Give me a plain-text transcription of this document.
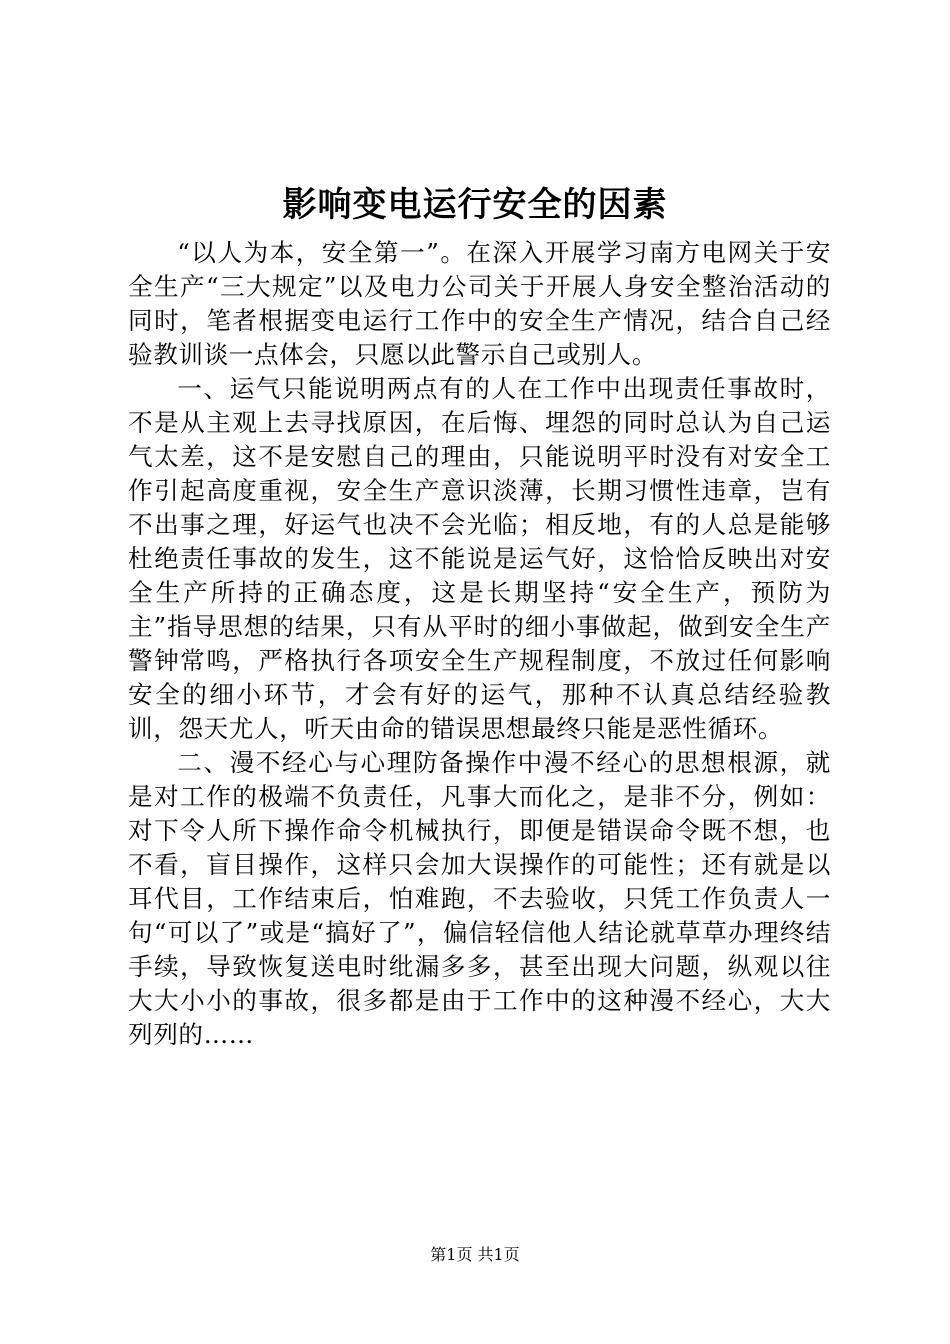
影响变电运行安全的因素

“以人为本，安全第一”。在深入开展学习南方电网关于安全生产“三大规定”以及电力公司关于开展人身安全整治活动的同时，笔者根据变电运行工作中的安全生产情况，结合自己经验教训谈一点体会，只愿以此警示自己或别人。

一、运气只能说明两点有的人在工作中出现责任事故时，不是从主观上去寻找原因，在后悔、埋怨的同时总认为自己运气太差，这不是安慰自己的理由，只能说明平时没有对安全工作引起高度重视，安全生产意识淡薄，长期习惯性违章，岂有不出事之理，好运气也决不会光临；相反地，有的人总是能够杜绝责任事故的发生，这不能说是运气好，这恰恰反映出对安全生产所持的正确态度，这是长期坚持“安全生产，预防为主”指导思想的结果，只有从平时的细小事做起，做到安全生产警钟常鸣，严格执行各项安全生产规程制度，不放过任何影响安全的细小环节，才会有好的运气，那种不认真总结经验教训，怨天尤人，听天由命的错误思想最终只能是恶性循环。

二、漫不经心与心理防备操作中漫不经心的思想根源，就是对工作的极端不负责任，凡事大而化之，是非不分，例如：对下令人所下操作命令机械执行，即便是错误命令既不想，也不看，盲目操作，这样只会加大误操作的可能性；还有就是以耳代目，工作结束后，怕难跑，不去验收，只凭工作负责人一句“可以了”或是“搞好了”，偏信轻信他人结论就草草办理终结手续，导致恢复送电时纰漏多多，甚至出现大问题，纵观以往大大小小的事故，很多都是由于工作中的这种漫不经心，大大列列的……

第1页 共1页
